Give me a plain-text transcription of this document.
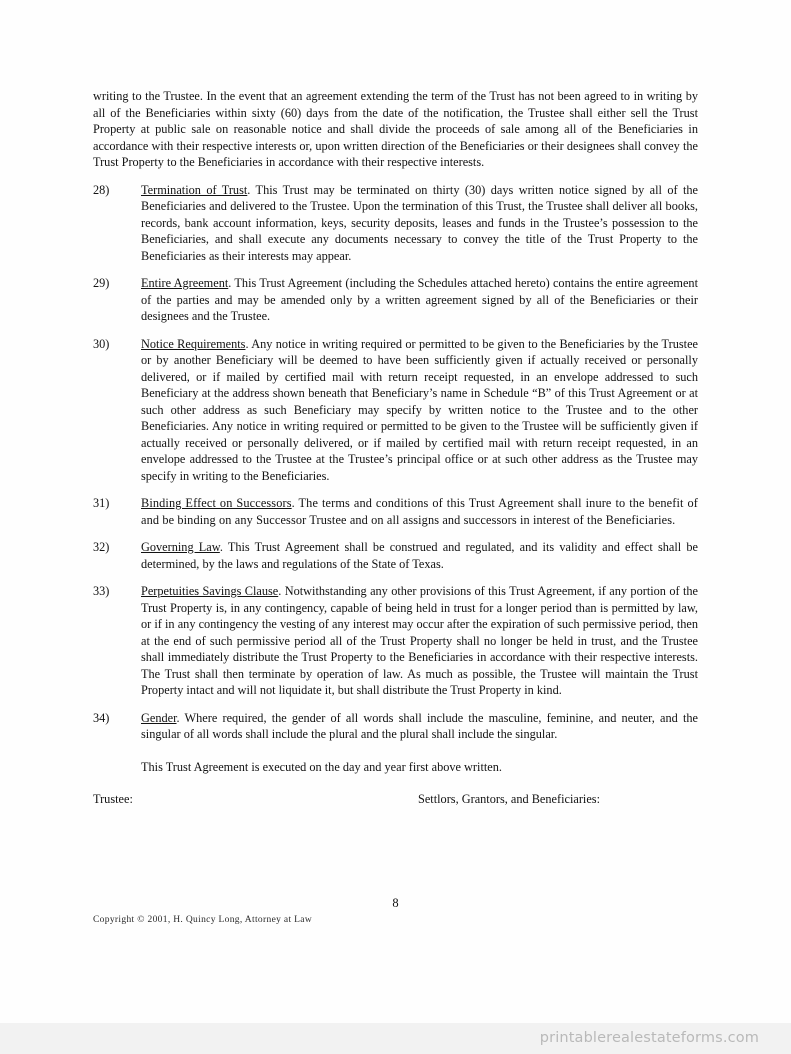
writing to the Trustee. In the event that an agreement extending the term of the Trust has not been agreed to in writing by all of the Beneficiaries within sixty (60) days from the date of the notification, the Trustee shall either sell the Trust Property at public sale on reasonable notice and shall divide the proceeds of sale among all of the Beneficiaries in accordance with their respective interests or, upon written direction of the Beneficiaries or their designees shall convey the Trust Property to the Beneficiaries in accordance with their respective interests.
28)	Termination of Trust. This Trust may be terminated on thirty (30) days written notice signed by all of the Beneficiaries and delivered to the Trustee. Upon the termination of this Trust, the Trustee shall deliver all books, records, bank account information, keys, security deposits, leases and funds in the Trustee’s possession to the Beneficiaries, and shall execute any documents necessary to convey the title of the Trust Property to the Beneficiaries as their interests may appear.
29)	Entire Agreement. This Trust Agreement (including the Schedules attached hereto) contains the entire agreement of the parties and may be amended only by a written agreement signed by all of the Beneficiaries or their designees and the Trustee.
30)	Notice Requirements. Any notice in writing required or permitted to be given to the Beneficiaries by the Trustee or by another Beneficiary will be deemed to have been sufficiently given if actually received or personally delivered, or if mailed by certified mail with return receipt requested, in an envelope addressed to such Beneficiary at the address shown beneath that Beneficiary’s name in Schedule “B” of this Trust Agreement or at such other address as such Beneficiary may specify by written notice to the Trustee and to the other Beneficiaries. Any notice in writing required or permitted to be given to the Trustee will be sufficiently given if actually received or personally delivered, or if mailed by certified mail with return receipt requested, in an envelope addressed to the Trustee at the Trustee’s principal office or at such other address as the Trustee may specify in writing to the Beneficiaries.
31)	Binding Effect on Successors. The terms and conditions of this Trust Agreement shall inure to the benefit of and be binding on any Successor Trustee and on all assigns and successors in interest of the Beneficiaries.
32)	Governing Law. This Trust Agreement shall be construed and regulated, and its validity and effect shall be determined, by the laws and regulations of the State of Texas.
33)	Perpetuities Savings Clause. Notwithstanding any other provisions of this Trust Agreement, if any portion of the Trust Property is, in any contingency, capable of being held in trust for a longer period than is permitted by law, or if in any contingency the vesting of any interest may occur after the expiration of such permissive period, then at the end of such permissive period all of the Trust Property shall no longer be held in trust, and the Trustee shall immediately distribute the Trust Property to the Beneficiaries in accordance with their respective interests. The Trust shall then terminate by operation of law. As much as possible, the Trustee will maintain the Trust Property intact and will not liquidate it, but shall distribute the Trust Property in kind.
34)	Gender. Where required, the gender of all words shall include the masculine, feminine, and neuter, and the singular of all words shall include the plural and the plural shall include the singular.
This Trust Agreement is executed on the day and year first above written.
Trustee:	Settlors, Grantors, and Beneficiaries:
8
Copyright © 2001, H. Quincy Long, Attorney at Law
printablerealestateforms.com
